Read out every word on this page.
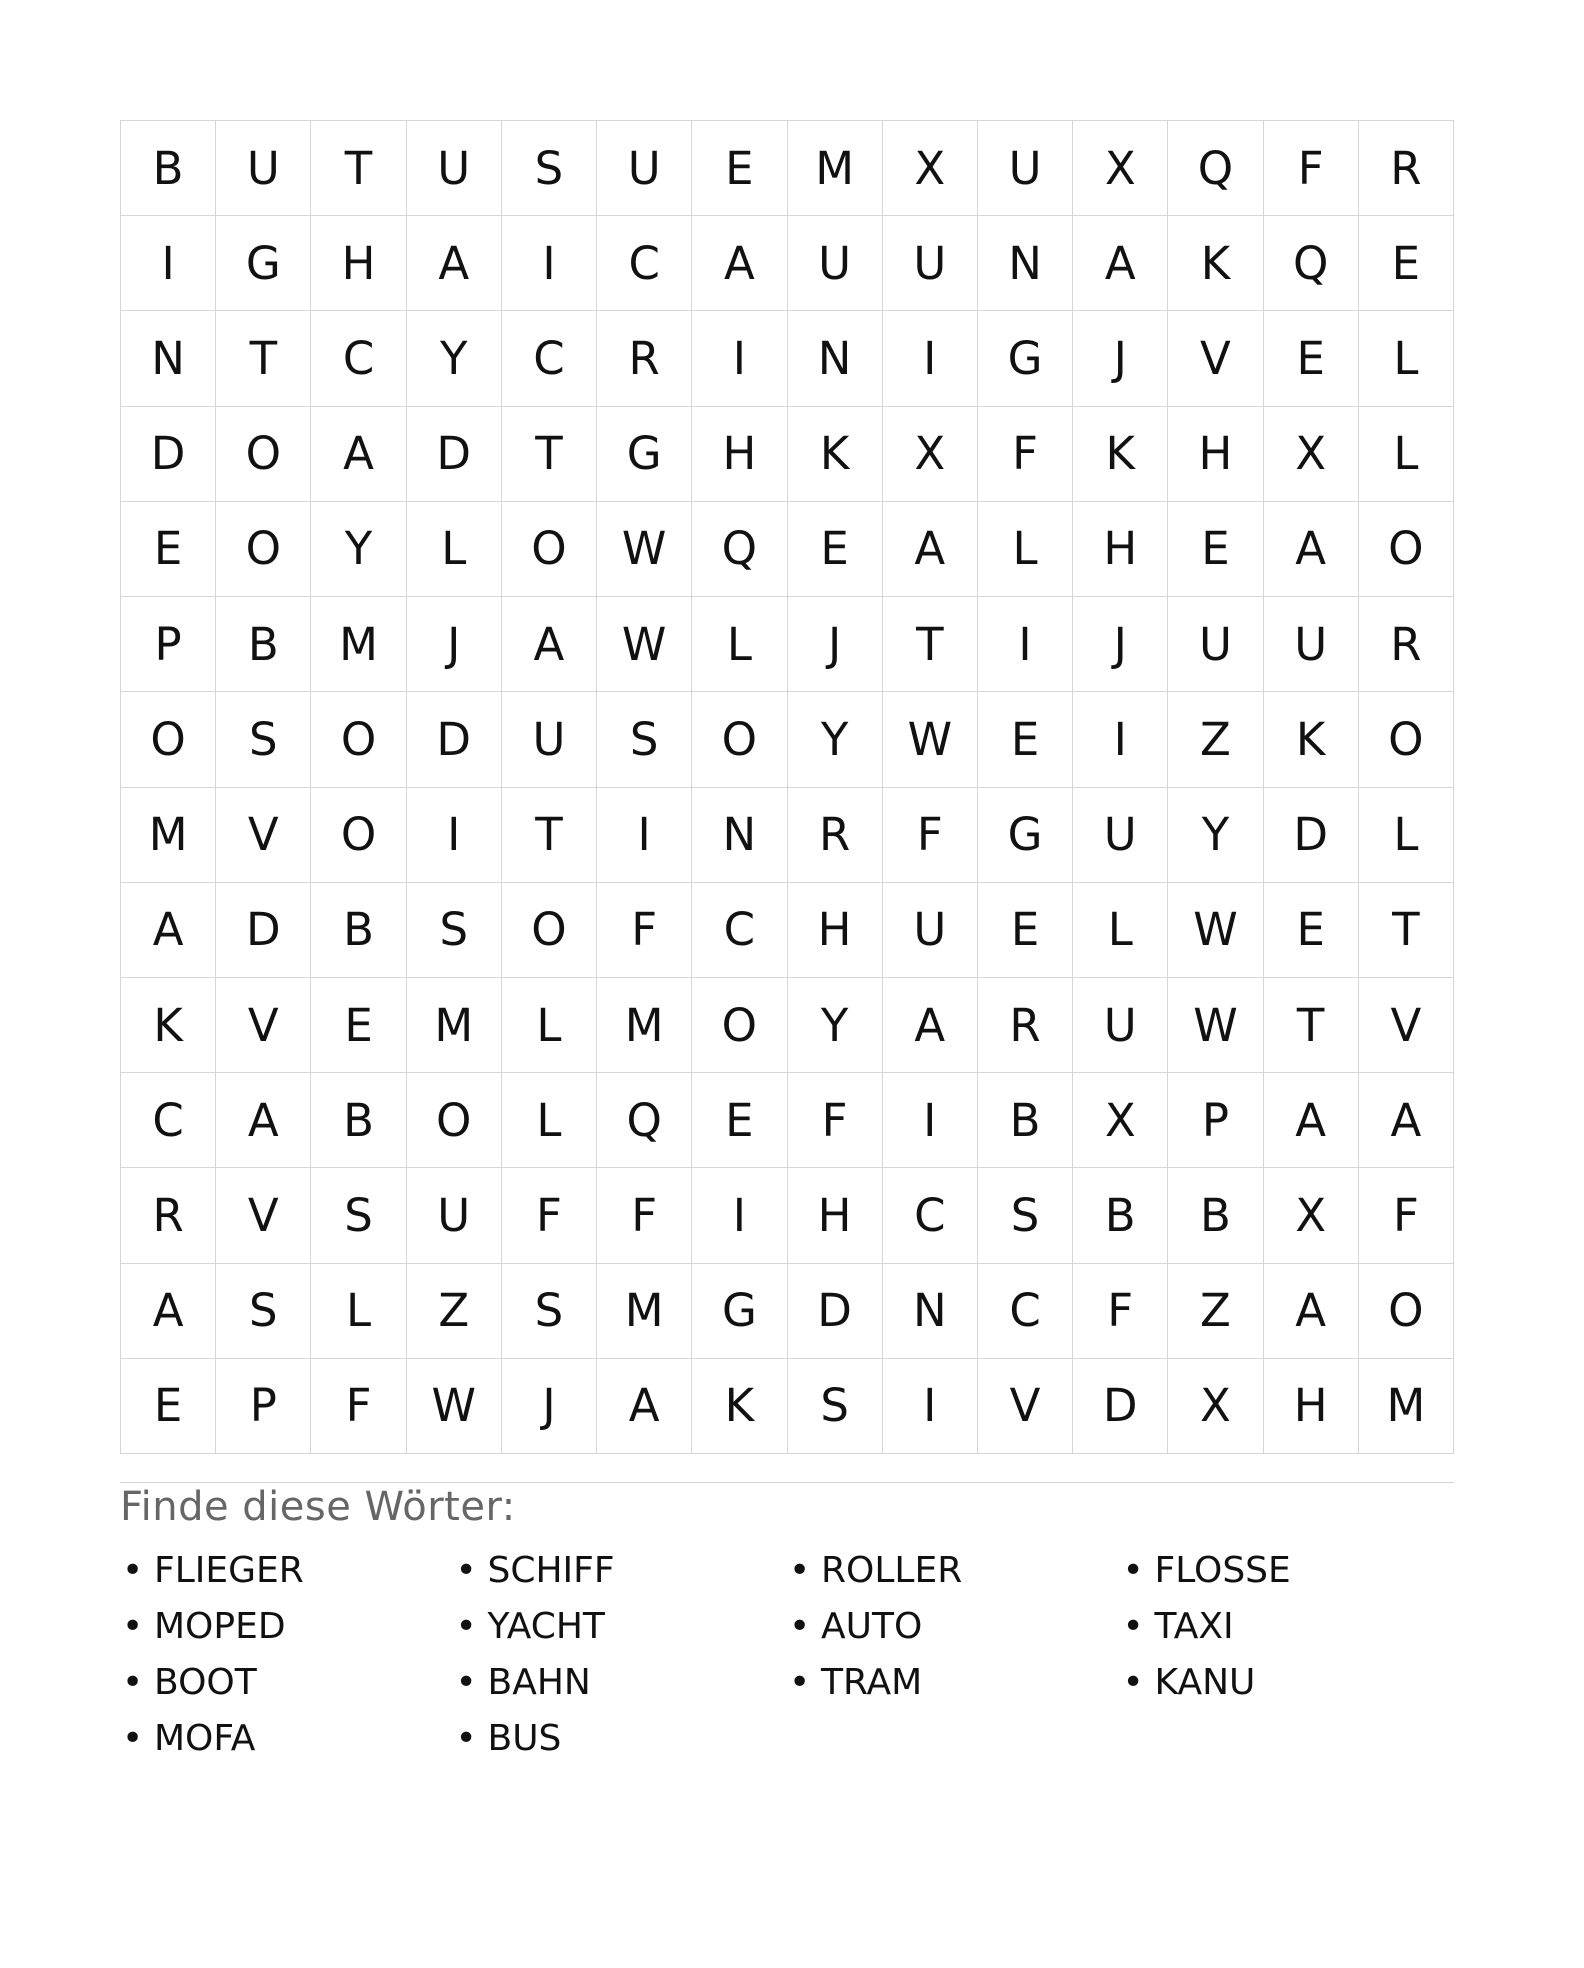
B	U	T	U	S	U	E	M	X	U	X	Q	F	R
I	G	H	A	I	C	A	U	U	N	A	K	Q	E
N	T	C	Y	C	R	I	N	I	G	J	V	E	L
D	O	A	D	T	G	H	K	X	F	K	H	X	L
E	O	Y	L	O	W	Q	E	A	L	H	E	A	O
P	B	M	J	A	W	L	J	T	I	J	U	U	R
O	S	O	D	U	S	O	Y	W	E	I	Z	K	O
M	V	O	I	T	I	N	R	F	G	U	Y	D	L
A	D	B	S	O	F	C	H	U	E	L	W	E	T
K	V	E	M	L	M	O	Y	A	R	U	W	T	V
C	A	B	O	L	Q	E	F	I	B	X	P	A	A
R	V	S	U	F	F	I	H	C	S	B	B	X	F
A	S	L	Z	S	M	G	D	N	C	F	Z	A	O
E	P	F	W	J	A	K	S	I	V	D	X	H	M
Finde diese Wörter:
• FLIEGER	• SCHIFF	• ROLLER	• FLOSSE
• MOPED	• YACHT	• AUTO	• TAXI
• BOOT	• BAHN	• TRAM	• KANU
• MOFA	• BUS
